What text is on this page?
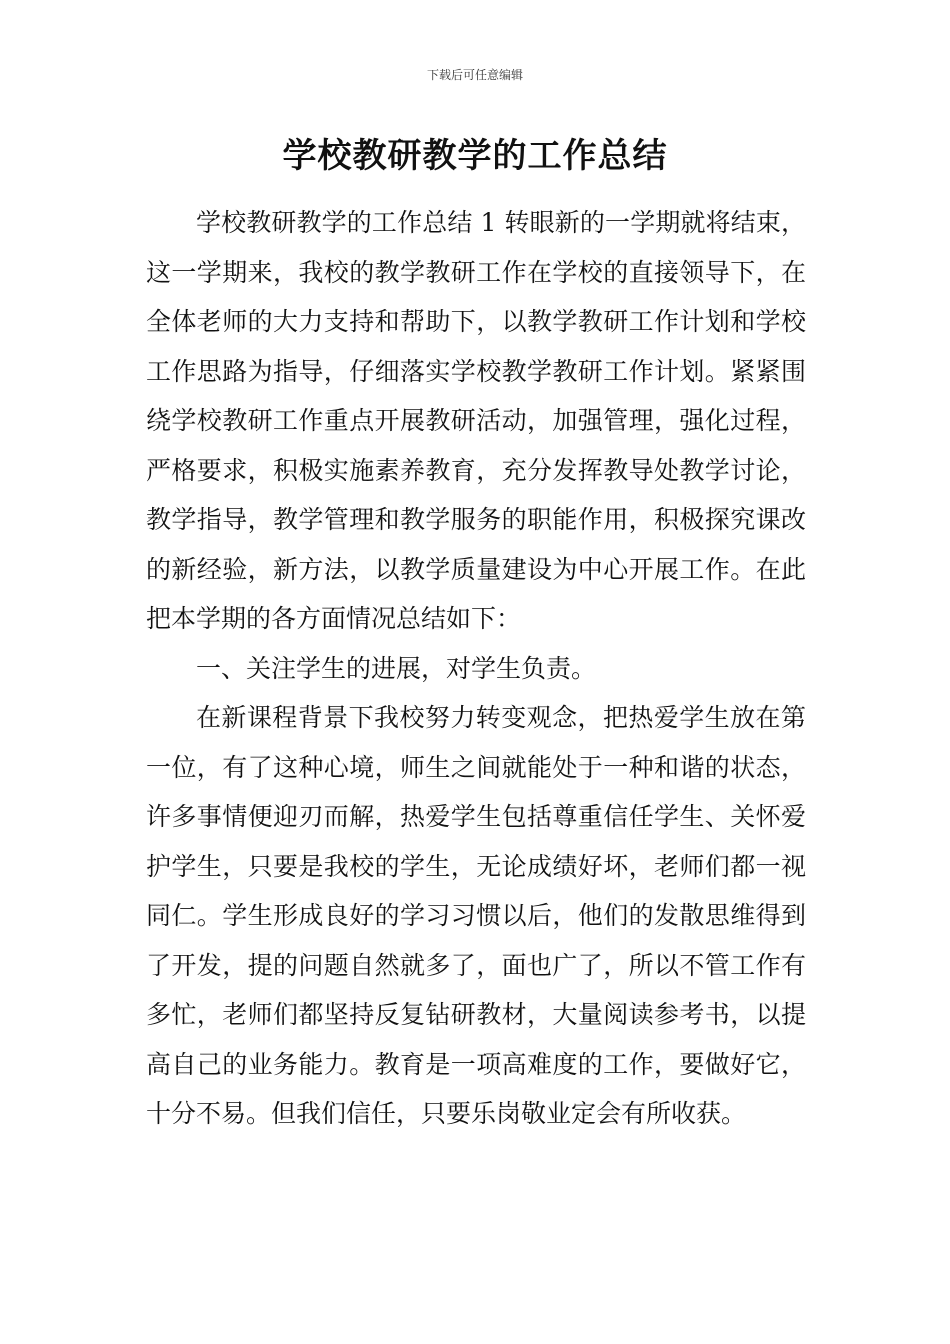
下载后可任意编辑
学校教研教学的工作总结

学校教研教学的工作总结 1 转眼新的一学期就将结束，这一学期来，我校的教学教研工作在学校的直接领导下，在全体老师的大力支持和帮助下，以教学教研工作计划和学校工作思路为指导，仔细落实学校教学教研工作计划。紧紧围绕学校教研工作重点开展教研活动，加强管理，强化过程，严格要求，积极实施素养教育，充分发挥教导处教学讨论，教学指导，教学管理和教学服务的职能作用，积极探究课改的新经验，新方法，以教学质量建设为中心开展工作。在此把本学期的各方面情况总结如下：

一、关注学生的进展，对学生负责。

在新课程背景下我校努力转变观念，把热爱学生放在第一位，有了这种心境，师生之间就能处于一种和谐的状态，许多事情便迎刃而解，热爱学生包括尊重信任学生、关怀爱护学生，只要是我校的学生，无论成绩好坏，老师们都一视同仁。学生形成良好的学习习惯以后，他们的发散思维得到了开发，提的问题自然就多了，面也广了，所以不管工作有多忙，老师们都坚持反复钻研教材，大量阅读参考书，以提高自己的业务能力。教育是一项高难度的工作，要做好它，十分不易。但我们信任，只要乐岗敬业定会有所收获。
